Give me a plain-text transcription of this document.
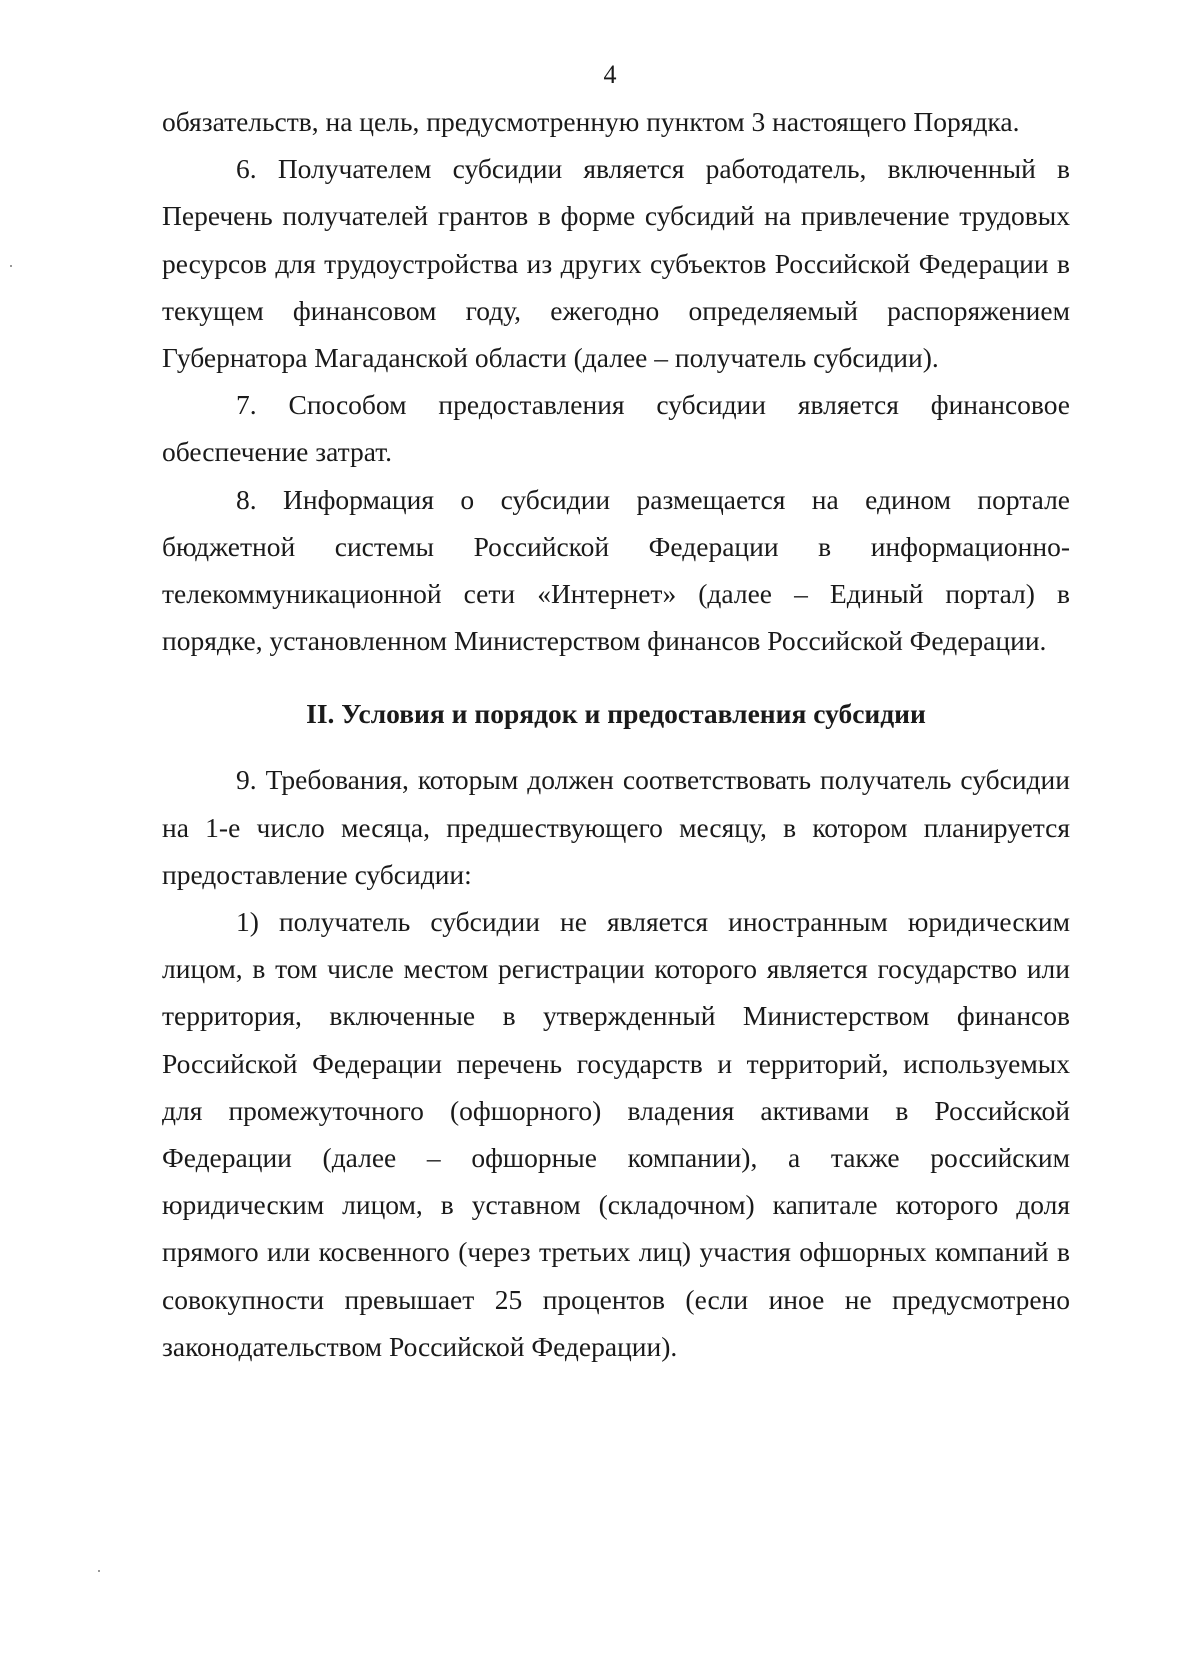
4

обязательств, на цель, предусмотренную пунктом 3 настоящего Порядка.

6. Получателем субсидии является работодатель, включенный в Перечень получателей грантов в форме субсидий на привлечение трудовых ресурсов для трудоустройства из других субъектов Российской Федерации в текущем финансовом году, ежегодно определяемый распоряжением Губернатора Магаданской области (далее – получатель субсидии).

7. Способом предоставления субсидии является финансовое обеспечение затрат.

8. Информация о субсидии размещается на едином портале бюджетной системы Российской Федерации в информационно-телекоммуникационной сети «Интернет» (далее – Единый портал) в порядке, установленном Министерством финансов Российской Федерации.

II. Условия и порядок и предоставления субсидии

9. Требования, которым должен соответствовать получатель субсидии на 1-е число месяца, предшествующего месяцу, в котором планируется предоставление субсидии:

1) получатель субсидии не является иностранным юридическим лицом, в том числе местом регистрации которого является государство или территория, включенные в утвержденный Министерством финансов Российской Федерации перечень государств и территорий, используемых для промежуточного (офшорного) владения активами в Российской Федерации (далее – офшорные компании), а также российским юридическим лицом, в уставном (складочном) капитале которого доля прямого или косвенного (через третьих лиц) участия офшорных компаний в совокупности превышает 25 процентов (если иное не предусмотрено законодательством Российской Федерации).
